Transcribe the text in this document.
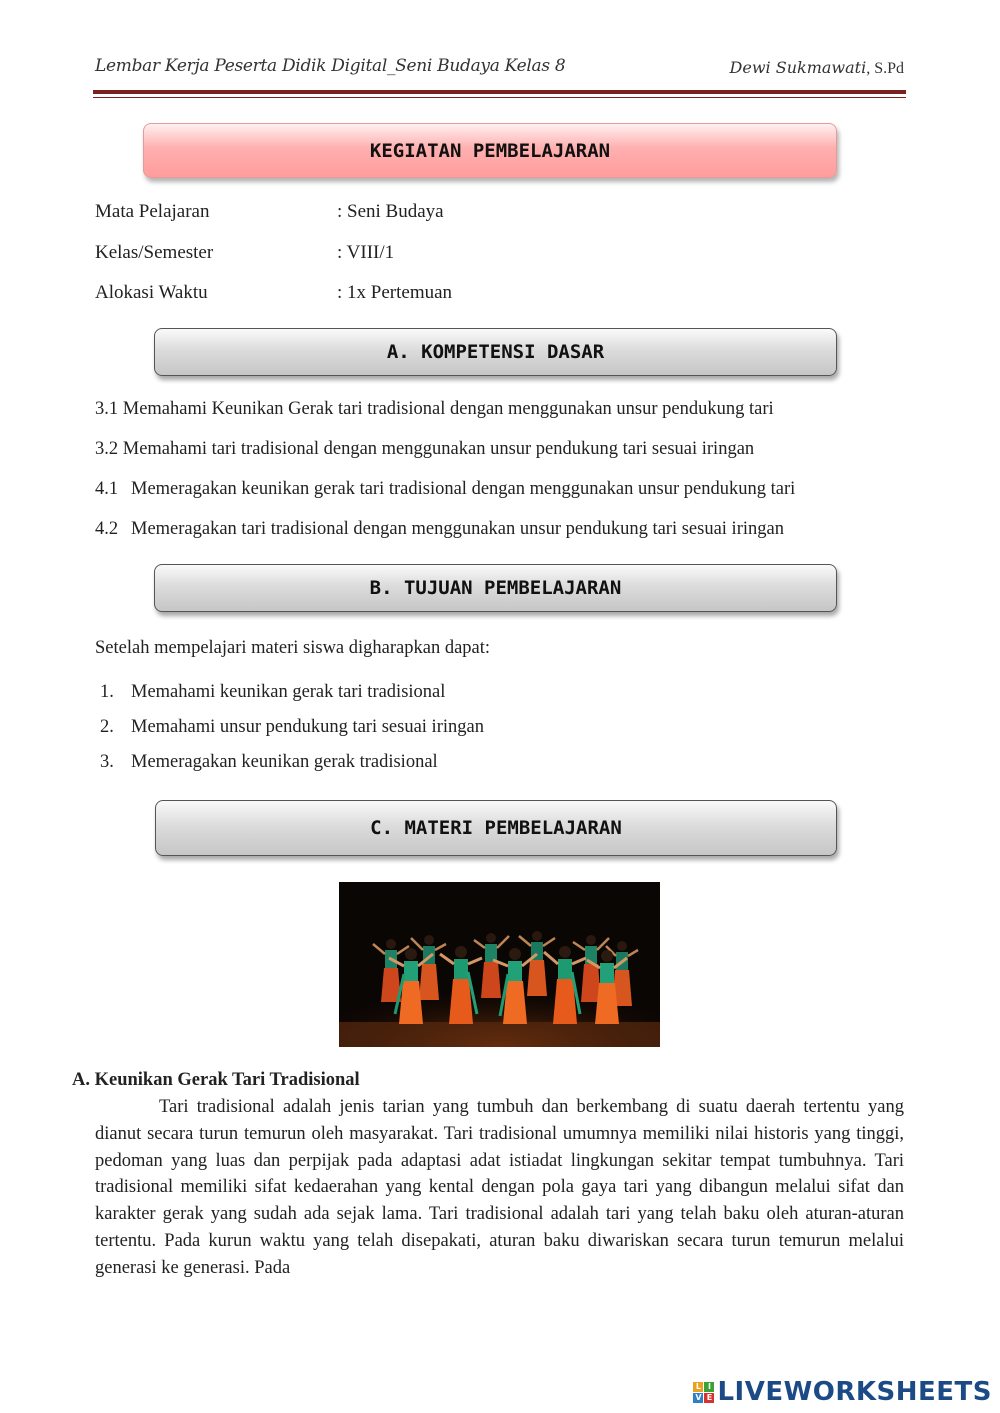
Lembar Kerja Peserta Didik Digital_Seni Budaya Kelas 8	Dewi Sukmawati, S.Pd
KEGIATAN PEMBELAJARAN
Mata Pelajaran	: Seni Budaya
Kelas/Semester	: VIII/1
Alokasi Waktu	: 1x Pertemuan
A. KOMPETENSI DASAR
3.1 Memahami Keunikan Gerak tari tradisional dengan menggunakan unsur pendukung tari
3.2 Memahami tari tradisional dengan menggunakan unsur pendukung tari sesuai iringan
4.1 Memeragakan keunikan gerak tari tradisional dengan menggunakan unsur pendukung tari
4.2 Memeragakan tari tradisional dengan menggunakan unsur pendukung tari sesuai iringan
B. TUJUAN PEMBELAJARAN
Setelah mempelajari materi siswa digharapkan dapat:
1. Memahami keunikan gerak tari tradisional
2. Memahami unsur pendukung tari sesuai iringan
3. Memeragakan keunikan gerak tradisional
C. MATERI PEMBELAJARAN
A. Keunikan Gerak Tari Tradisional

Tari tradisional adalah jenis tarian yang tumbuh dan berkembang di suatu daerah tertentu yang dianut secara turun temurun oleh masyarakat. Tari tradisional umumnya memiliki nilai historis yang tinggi, pedoman yang luas dan perpijak pada adaptasi adat istiadat lingkungan sekitar tempat tumbuhnya. Tari tradisional memiliki sifat kedaerahan yang kental dengan pola gaya tari yang dibangun melalui sifat dan karakter gerak yang sudah ada sejak lama. Tari tradisional adalah tari yang telah baku oleh aturan-aturan tertentu. Pada kurun waktu yang telah disepakati, aturan baku diwariskan secara turun temurun melalui generasi ke generasi. Pada

L I
V E LIVEWORKSHEETS
